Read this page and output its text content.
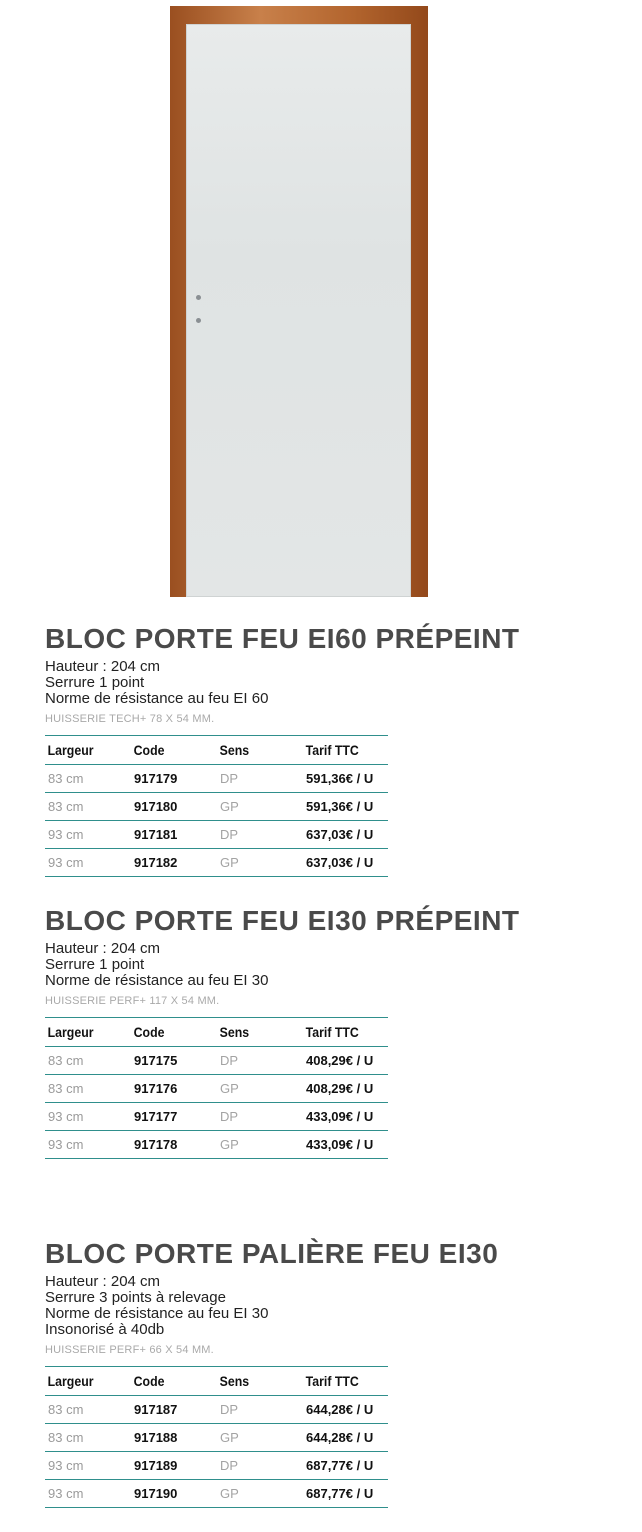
BLOC PORTE FEU EI60 PRÉPEINT
Hauteur : 204 cm
Serrure 1 point
Norme de résistance au feu EI 60
HUISSERIE TECH+ 78 X 54 MM.
Largeur	Code	Sens	Tarif TTC
83 cm	917179	DP	591,36€ / U
83 cm	917180	GP	591,36€ / U
93 cm	917181	DP	637,03€ / U
93 cm	917182	GP	637,03€ / U
BLOC PORTE FEU EI30 PRÉPEINT
Hauteur : 204 cm
Serrure 1 point
Norme de résistance au feu EI 30
HUISSERIE PERF+ 117 X 54 MM.
Largeur	Code	Sens	Tarif TTC
83 cm	917175	DP	408,29€ / U
83 cm	917176	GP	408,29€ / U
93 cm	917177	DP	433,09€ / U
93 cm	917178	GP	433,09€ / U
BLOC PORTE PALIÈRE FEU EI30
Hauteur : 204 cm
Serrure 3 points à relevage
Norme de résistance au feu EI 30
Insonorisé à 40db
HUISSERIE PERF+ 66 X 54 MM.
Largeur	Code	Sens	Tarif TTC
83 cm	917187	DP	644,28€ / U
83 cm	917188	GP	644,28€ / U
93 cm	917189	DP	687,77€ / U
93 cm	917190	GP	687,77€ / U
